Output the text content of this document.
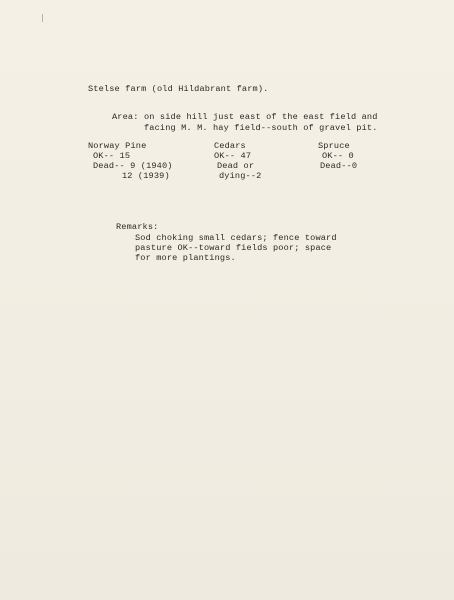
Stelse farm (old Hildabrant farm).
Area: on side hill just east of the east field and
facing M. M. hay field--south of gravel pit.
Norway Pine
OK-- 15
Dead-- 9 (1940)
12 (1939)
Cedars
OK-- 47
Dead or
dying--2
Spruce
OK-- 0
Dead--0
Remarks:
Sod choking small cedars; fence toward
pasture OK--toward fields poor; space
for more plantings.
